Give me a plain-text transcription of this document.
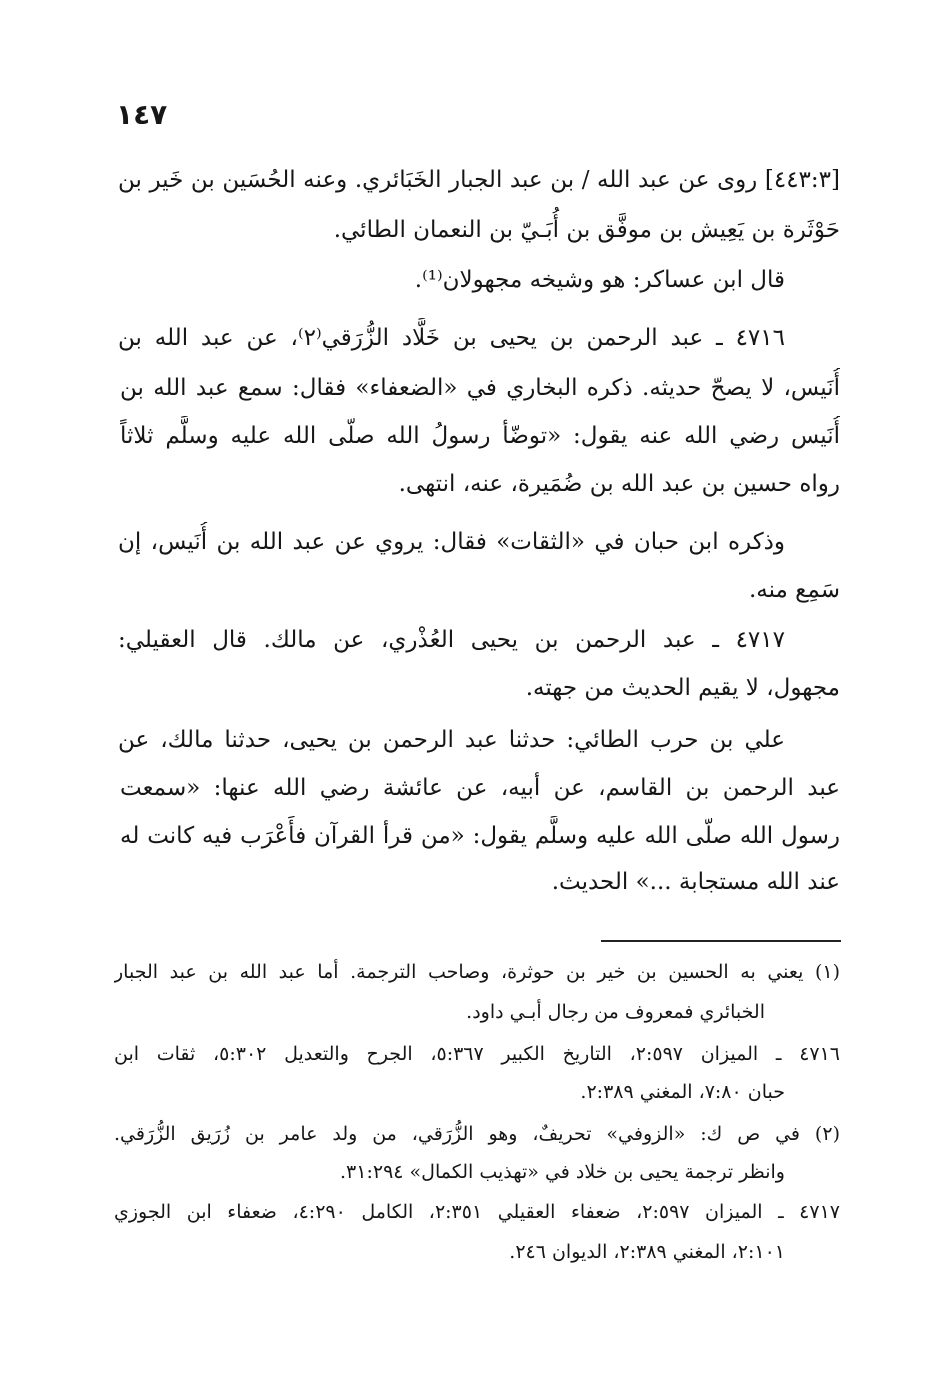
١٤٧
[٤٤٣:٣] روى عن عبد الله / بن عبد الجبار الخَبَائري. وعنه الحُسَين بن خَير بن
حَوْثَرة بن يَعِيش بن موفَّق بن أُبَـيّ بن النعمان الطائي.
قال ابن عساكر: هو وشيخه مجهولان⁽¹⁾.
٤٧١٦ ـ عبد الرحمن بن يحيى بن خَلَّاد الزُّرَقي⁽٢⁾، عن عبد الله بن
أُنَيس، لا يصحّ حديثه. ذكره البخاري في «الضعفاء» فقال: سمع عبد الله بن
أُنَيس رضي الله عنه يقول: «توضّأ رسولُ الله صلّى الله عليه وسلَّم ثلاثاً
رواه حسين بن عبد الله بن ضُمَيرة، عنه، انتهى.
وذكره ابن حبان في «الثقات» فقال: يروي عن عبد الله بن أُنَيس، إن
سَمِع منه.
٤٧١٧ ـ عبد الرحمن بن يحيى العُذْري، عن مالك. قال العقيلي:
مجهول، لا يقيم الحديث من جهته.
علي بن حرب الطائي: حدثنا عبد الرحمن بن يحيى، حدثنا مالك، عن
عبد الرحمن بن القاسم، عن أبيه، عن عائشة رضي الله عنها: «سمعت
رسول الله صلّى الله عليه وسلَّم يقول: «من قرأ القرآن فأَعْرَب فيه كانت له
عند الله مستجابة ...» الحديث.
(١) يعني به الحسين بن خير بن حوثرة، وصاحب الترجمة. أما عبد الله بن عبد الجبار
الخبائري فمعروف من رجال أبـي داود.
٤٧١٦ ـ الميزان ٢:٥٩٧، التاريخ الكبير ٥:٣٦٧، الجرح والتعديل ٥:٣٠٢، ثقات ابن
حبان ٧:٨٠، المغني ٢:٣٨٩.
(٢) في ص ك: «الزوفي» تحريفٌ، وهو الزُّرَقي، من ولد عامر بن زُرَيق الزُّرَقي.
وانظر ترجمة يحيى بن خلاد في «تهذيب الكمال» ٣١:٢٩٤.
٤٧١٧ ـ الميزان ٢:٥٩٧، ضعفاء العقيلي ٢:٣٥١، الكامل ٤:٢٩٠، ضعفاء ابن الجوزي
٢:١٠١، المغني ٢:٣٨٩، الديوان ٢٤٦.
